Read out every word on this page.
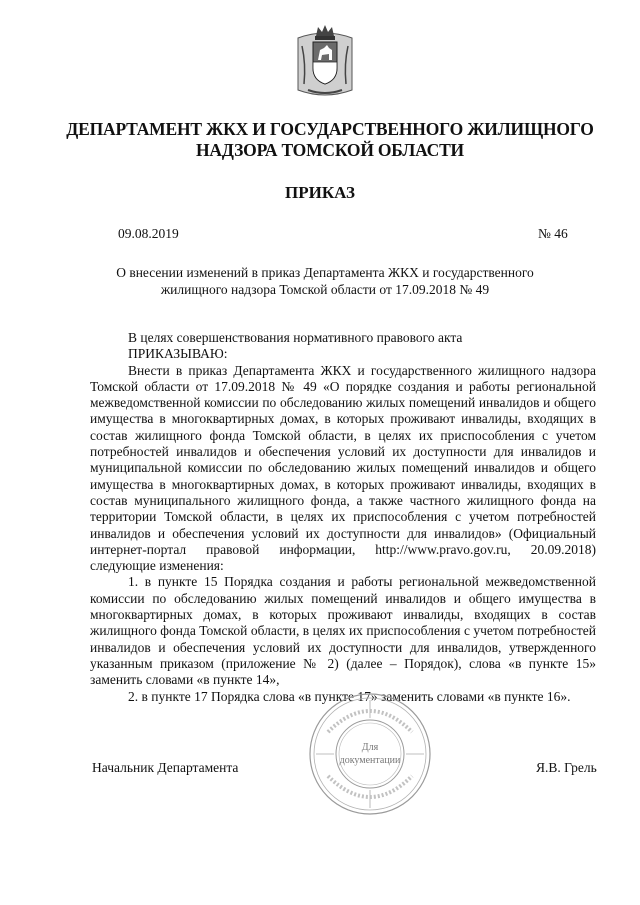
ДЕПАРТАМЕНТ ЖКХ И ГОСУДАРСТВЕННОГО ЖИЛИЩНОГО
НАДЗОРА ТОМСКОЙ ОБЛАСТИ
ПРИКАЗ
09.08.2019	№ 46
О внесении изменений в приказ Департамента ЖКХ и государственного
жилищного надзора Томской области от 17.09.2018 № 49

В целях совершенствования нормативного правового акта

ПРИКАЗЫВАЮ:

Внести в приказ Департамента ЖКХ и государственного жилищного надзора Томской области от 17.09.2018 № 49 «О порядке создания и работы региональной межведомственной комиссии по обследованию жилых помещений инвалидов и общего имущества в многоквартирных домах, в которых проживают инвалиды, входящих в состав жилищного фонда Томской области, в целях их приспособления с учетом потребностей инвалидов и обеспечения условий их доступности для инвалидов и муниципальной комиссии по обследованию жилых помещений инвалидов и общего имущества в многоквартирных домах, в которых проживают инвалиды, входящих в состав муниципального жилищного фонда, а также частного жилищного фонда на территории Томской области, в целях их приспособления с учетом потребностей инвалидов и обеспечения условий их доступности для инвалидов» (Официальный интернет-портал правовой информации, http://www.pravo.gov.ru, 20.09.2018) следующие изменения:

1. в пункте 15 Порядка создания и работы региональной межведомственной комиссии по обследованию жилых помещений инвалидов и общего имущества в многоквартирных домах, в которых проживают инвалиды, входящих в состав жилищного фонда Томской области, в целях их приспособления с учетом потребностей инвалидов и обеспечения условий их доступности для инвалидов, утвержденного указанным приказом (приложение № 2) (далее – Порядок), слова «в пункте 15» заменить словами «в пункте 14»,

2. в пункте 17 Порядка слова «в пункте 17» заменить словами «в пункте 16».

Начальник Департамента	Я.В. Грель
Для
документации
